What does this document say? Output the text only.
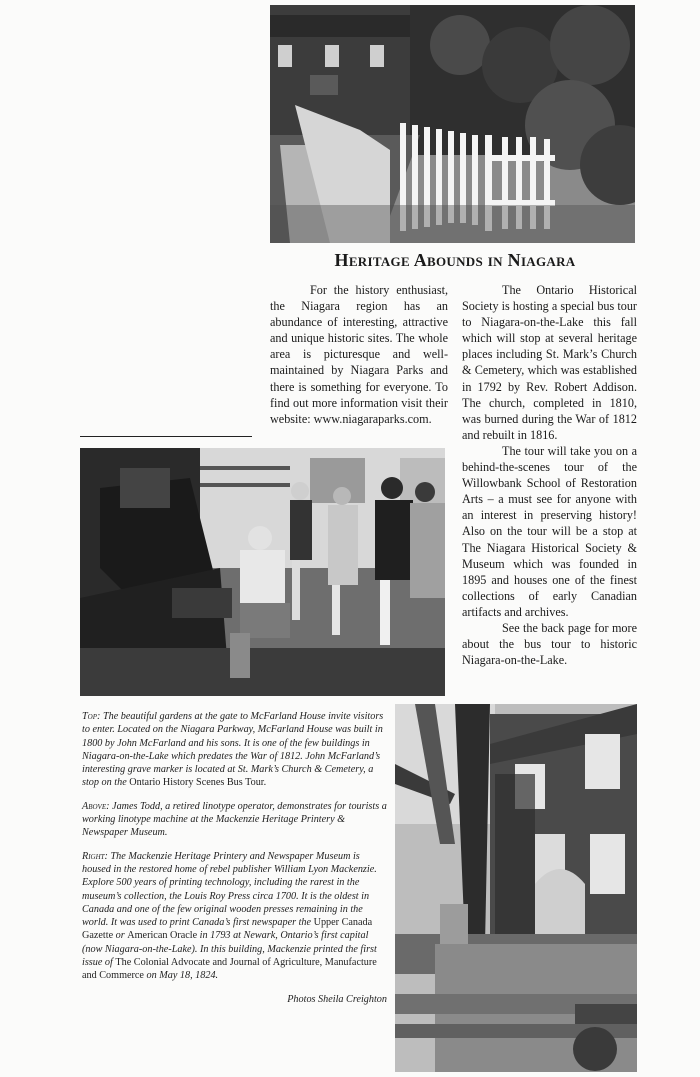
Heritage Abounds in Niagara

For the history enthusiast, the Niagara region has an abundance of interesting, attractive and unique historic sites. The whole area is picturesque and well-maintained by Niagara Parks and there is something for everyone. To find out more information visit their website: www.niagaraparks.com.

The Ontario Historical Society is hosting a special bus tour to Niagara-on-the-Lake this fall which will stop at several heritage places including St. Mark’s Church & Cemetery, which was established in 1792 by Rev. Robert Addison. The church, completed in 1810, was burned during the War of 1812 and rebuilt in 1816.

The tour will take you on a behind-the-scenes tour of the Willowbank School of Restoration Arts – a must see for anyone with an interest in preserving history! Also on the tour will be a stop at The Niagara Historical Society & Museum which was founded in 1895 and houses one of the finest collections of early Canadian artifacts and archives.

See the back page for more about the bus tour to historic Niagara-on-the-Lake.

Top: The beautiful gardens at the gate to McFarland House invite visitors to enter. Located on the Niagara Parkway, McFarland House was built in 1800 by John McFarland and his sons. It is one of the few buildings in Niagara-on-the-Lake which predates the War of 1812. John McFarland’s interesting grave marker is located at St. Mark’s Church & Cemetery, a stop on the Ontario History Scenes Bus Tour.

Above: James Todd, a retired linotype operator, demonstrates for tourists a working linotype machine at the Mackenzie Heritage Printery & Newspaper Museum.

Right: The Mackenzie Heritage Printery and Newspaper Museum is housed in the restored home of rebel publisher William Lyon Mackenzie. Explore 500 years of printing technology, including the rarest in the museum’s collection, the Louis Roy Press circa 1700. It is the oldest in Canada and one of the few original wooden presses remaining in the world. It was used to print Canada’s first newspaper the Upper Canada Gazette or American Oracle in 1793 at Newark, Ontario’s first capital (now Niagara-on-the-Lake). In this building, Mackenzie printed the first issue of The Colonial Advocate and Journal of Agriculture, Manufacture and Commerce on May 18, 1824.

Photos Sheila Creighton
